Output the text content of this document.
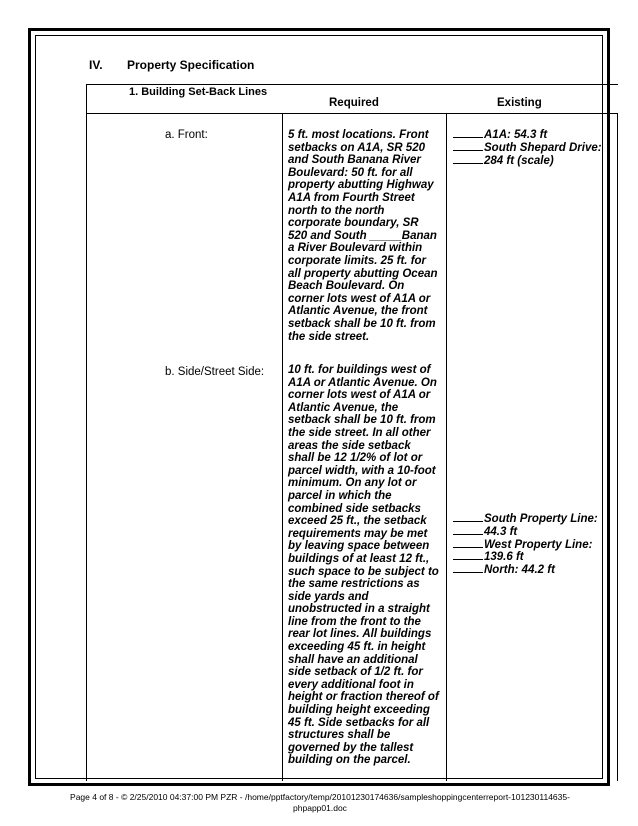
IV. Property Specification
1. Building Set-Back Lines
Required	Existing
a. Front:	5 ft. most locations. Front

setbacks on A1A, SR 520

and South Banana River

Boulevard: 50 ft. for all

property abutting Highway

A1A from Fourth Street

north to the north

corporate boundary, SR

520 and South _____Banan

a River Boulevard within

corporate limits. 25 ft. for

all property abutting Ocean

Beach Boulevard. On

corner lots west of A1A or

Atlantic Avenue, the front

setback shall be 10 ft. from

the side street.

A1A: 54.3 ft
South Shepard Drive:
284 ft (scale)
b. Side/Street Side: 10 ft. for buildings west of

A1A or Atlantic Avenue. On

corner lots west of A1A or

Atlantic Avenue, the

setback shall be 10 ft. from

the side street. In all other

areas the side setback

shall be 12 1/2% of lot or

parcel width, with a 10-foot

minimum. On any lot or

parcel in which the

combined side setbacks

exceed 25 ft., the setback

requirements may be met

by leaving space between

buildings of at least 12 ft.,

such space to be subject to

the same restrictions as

side yards and

unobstructed in a straight

line from the front to the

rear lot lines. All buildings

exceeding 45 ft. in height

shall have an additional

side setback of 1/2 ft. for

every additional foot in

height or fraction thereof of

building height exceeding

45 ft. Side setbacks for all

structures shall be

governed by the tallest

building on the parcel.

South Property Line:
44.3 ft
West Property Line:
139.6 ft
North: 44.2 ft
Page 4 of 8 - © 2/25/2010 04:37:00 PM PZR - /home/pptfactory/temp/20101230174636/sampleshoppingcenterreport-101230114635-
phpapp01.doc
